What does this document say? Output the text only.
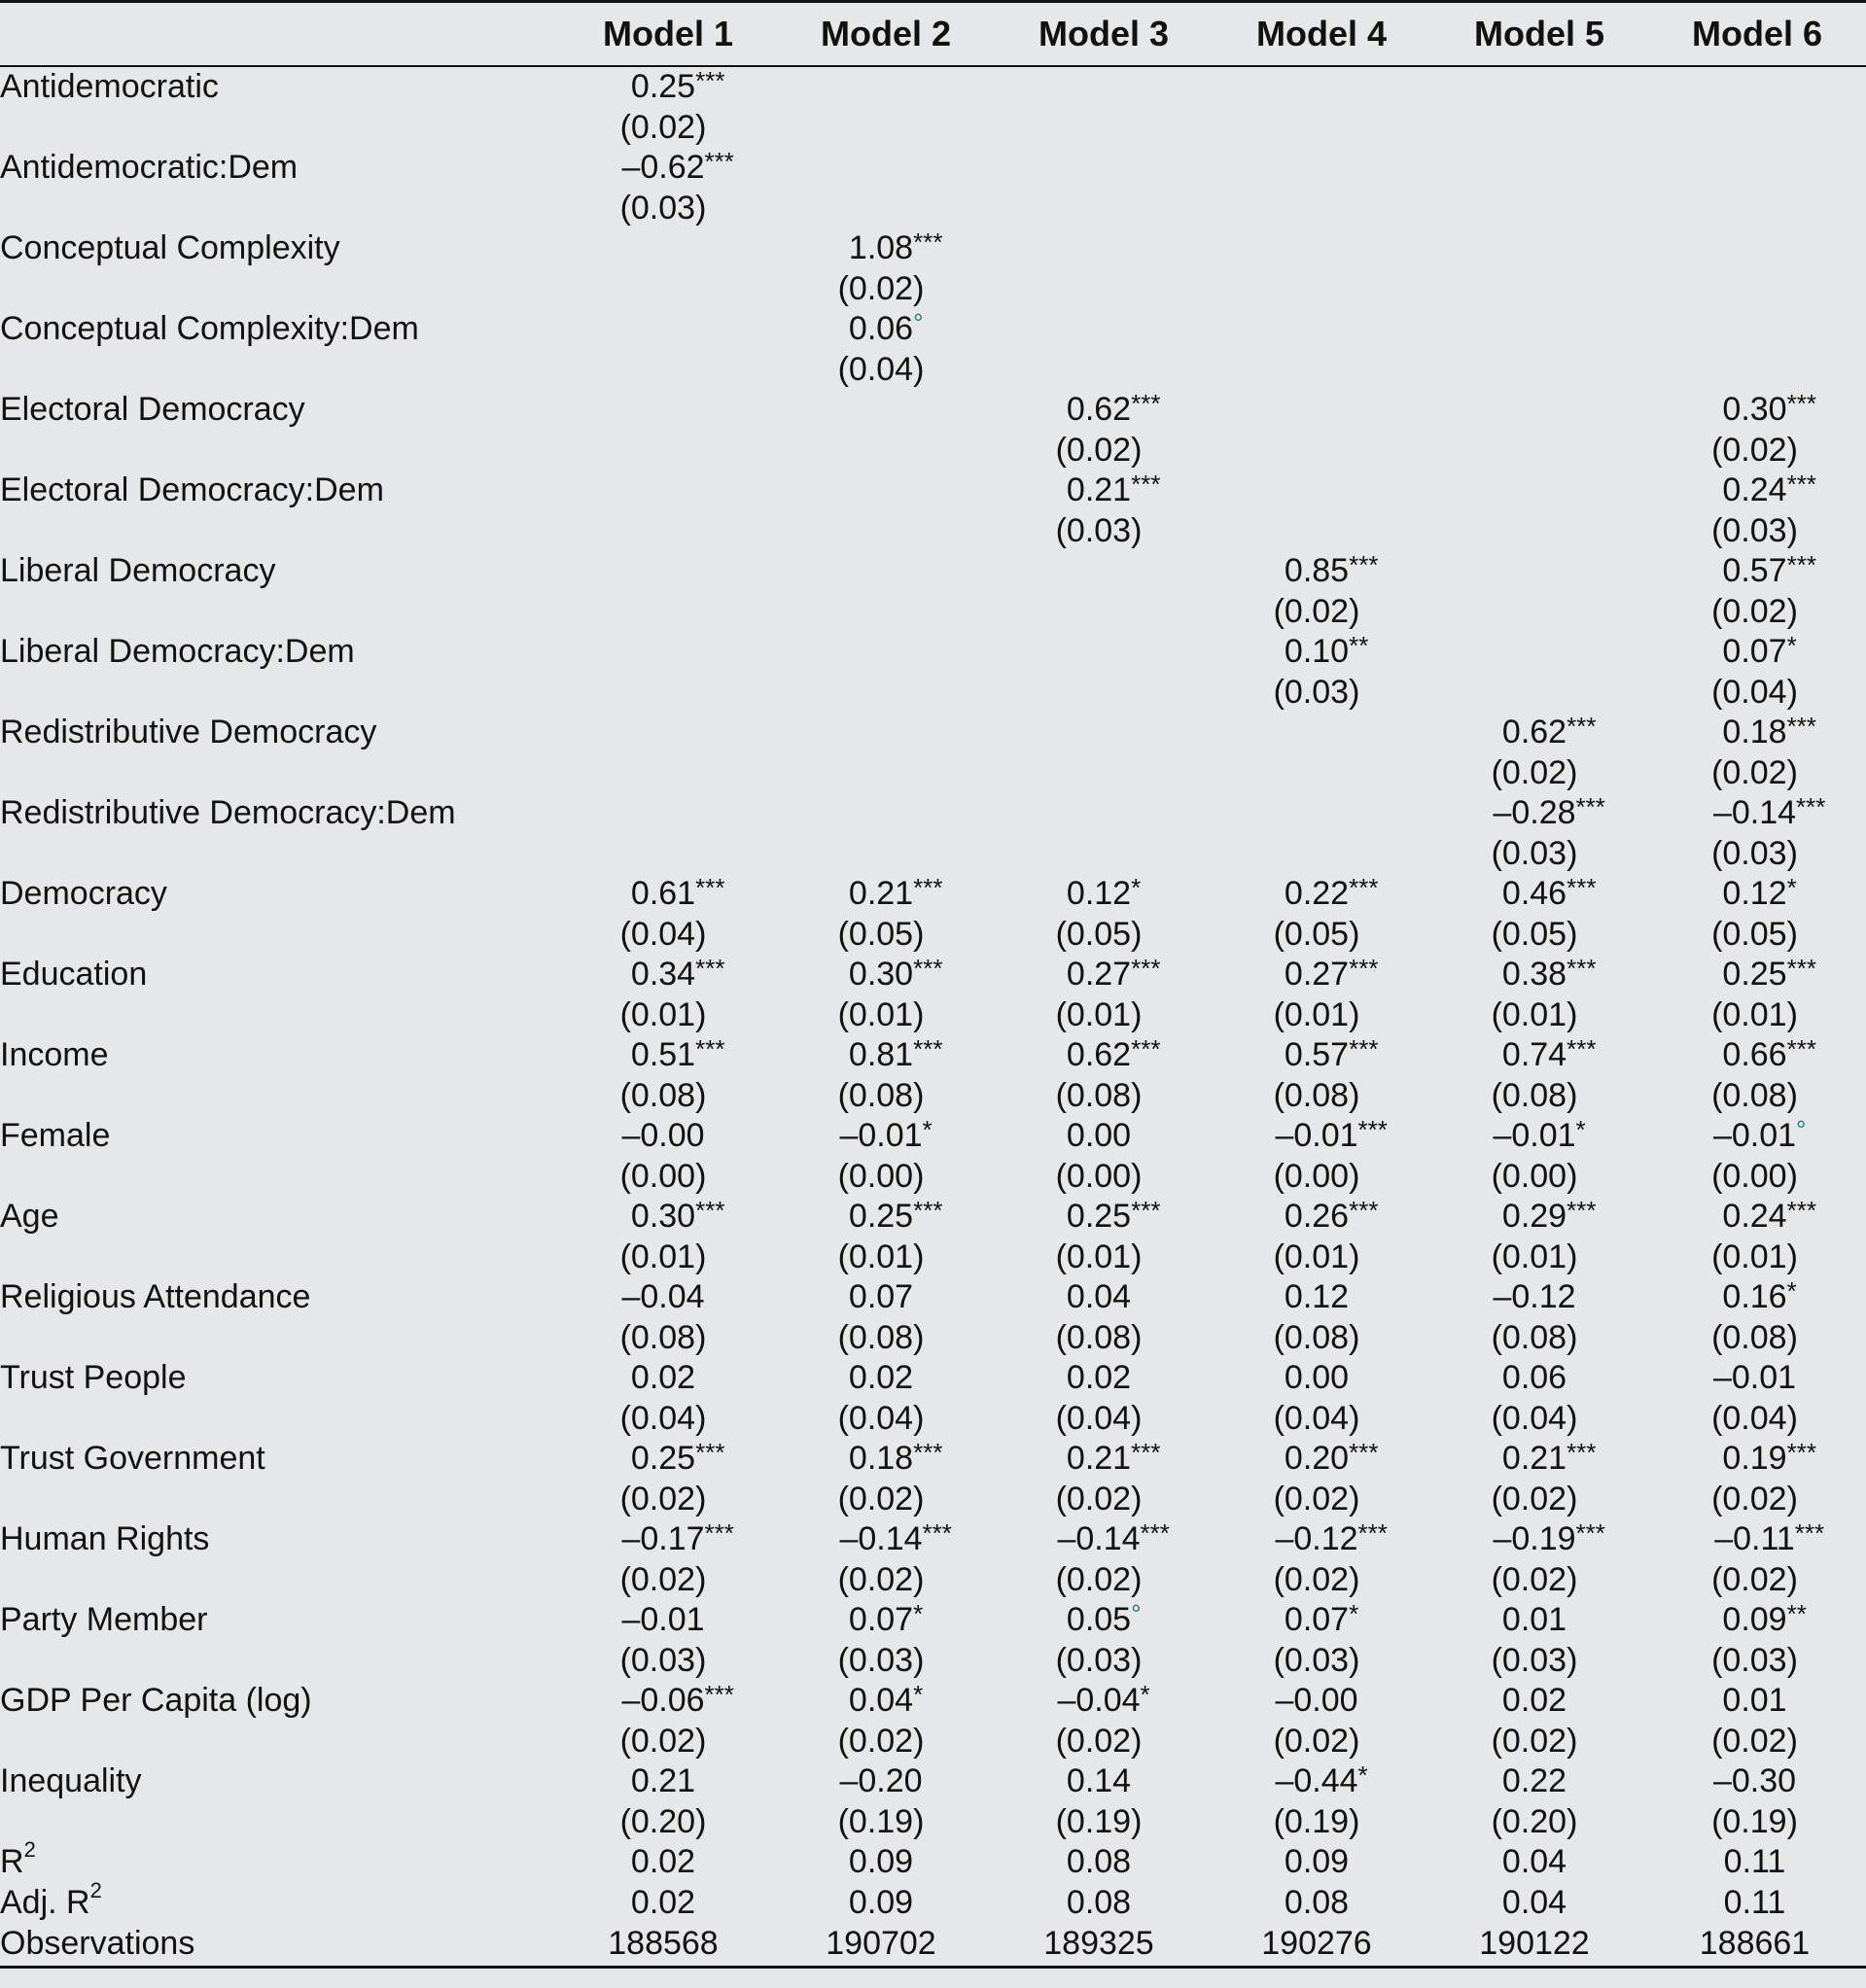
	Model 1	Model 2	Model 3	Model 4	Model 5	Model 6
Antidemocratic	0.25 ***					

	(0.02)					
Antidemocratic:Dem	–0.62 ***					

	(0.03)					
Conceptual Complexity		1.08 ***				

		(0.02)				
Conceptual Complexity:Dem		0.06 °				

		(0.04)				
Electoral Democracy			0.62 ***			0.30 ***

			(0.02)			(0.02)
Electoral Democracy:Dem			0.21 ***			0.24 ***

			(0.03)			(0.03)
Liberal Democracy				0.85 ***		0.57 ***

				(0.02)		(0.02)
Liberal Democracy:Dem				0.10 **		0.07 *

				(0.03)		(0.04)
Redistributive Democracy					0.62 ***	0.18 ***

					(0.02)	(0.02)
Redistributive Democracy:Dem					–0.28 ***	–0.14 ***

					(0.03)	(0.03)
Democracy	0.61 ***	0.21 ***	0.12 *	0.22 ***	0.46 ***	0.12 *

	(0.04)	(0.05)	(0.05)	(0.05)	(0.05)	(0.05)
Education	0.34 ***	0.30 ***	0.27 ***	0.27 ***	0.38 ***	0.25 ***

	(0.01)	(0.01)	(0.01)	(0.01)	(0.01)	(0.01)
Income	0.51 ***	0.81 ***	0.62 ***	0.57 ***	0.74 ***	0.66 ***

	(0.08)	(0.08)	(0.08)	(0.08)	(0.08)	(0.08)
Female	–0.00	–0.01 *	0.00	–0.01 ***	–0.01 *	–0.01 °

	(0.00)	(0.00)	(0.00)	(0.00)	(0.00)	(0.00)
Age	0.30 ***	0.25 ***	0.25 ***	0.26 ***	0.29 ***	0.24 ***

	(0.01)	(0.01)	(0.01)	(0.01)	(0.01)	(0.01)
Religious Attendance	–0.04	0.07	0.04	0.12	–0.12	0.16 *

	(0.08)	(0.08)	(0.08)	(0.08)	(0.08)	(0.08)
Trust People	0.02	0.02	0.02	0.00	0.06	–0.01
	(0.04)	(0.04)	(0.04)	(0.04)	(0.04)	(0.04)
Trust Government	0.25 ***	0.18 ***	0.21 ***	0.20 ***	0.21 ***	0.19 ***

	(0.02)	(0.02)	(0.02)	(0.02)	(0.02)	(0.02)
Human Rights	–0.17 ***	–0.14 ***	–0.14 ***	–0.12 ***	–0.19 ***	–0.11 ***

	(0.02)	(0.02)	(0.02)	(0.02)	(0.02)	(0.02)
Party Member	–0.01	0.07 *	0.05 °	0.07 *	0.01	0.09 **

	(0.03)	(0.03)	(0.03)	(0.03)	(0.03)	(0.03)
GDP Per Capita (log)	–0.06 ***	0.04 *	–0.04 *	–0.00	0.02	0.01
	(0.02)	(0.02)	(0.02)	(0.02)	(0.02)	(0.02)
Inequality	0.21	–0.20	0.14	–0.44 *	0.22	–0.30
	(0.20)	(0.19)	(0.19)	(0.19)	(0.20)	(0.19)
$R^2$	0.02	0.09	0.08	0.09	0.04	0.11
Adj. $R^2$	0.02	0.09	0.08	0.08	0.04	0.11
Observations	188568	190702	189325	190276	190122	188661
